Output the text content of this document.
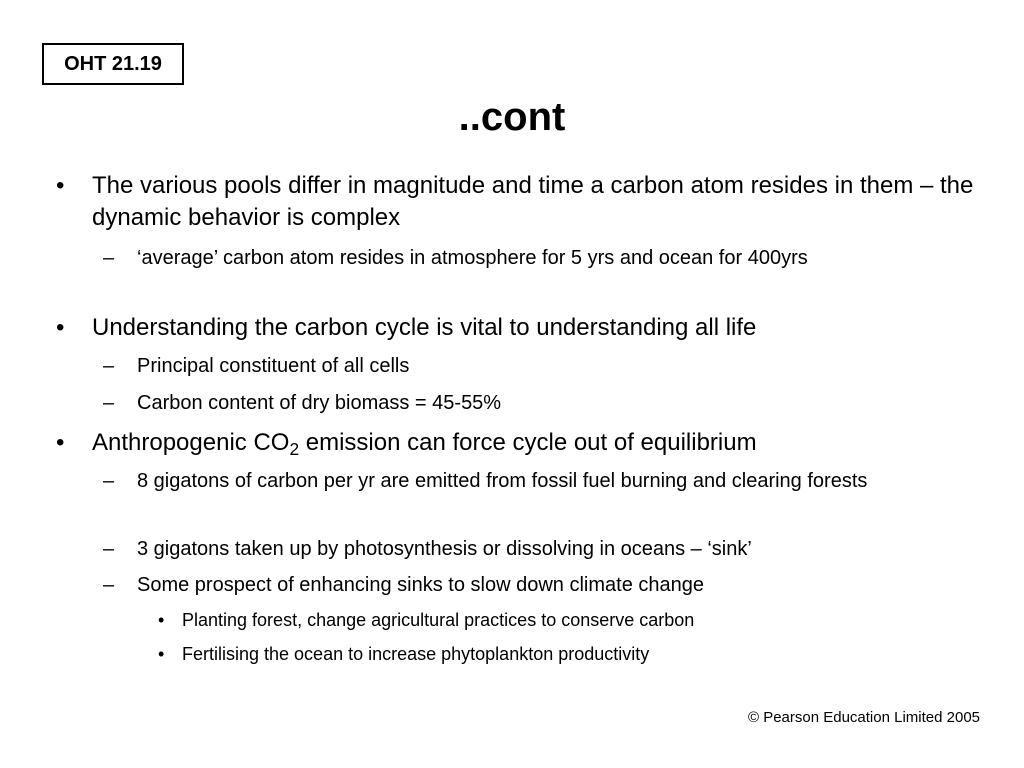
OHT 21.19
..cont
• The various pools differ in magnitude and time a carbon atom resides in them – the dynamic behavior is complex
– ‘average’ carbon atom resides in atmosphere for 5 yrs and ocean for 400yrs
• Understanding the carbon cycle is vital to understanding all life
– Principal constituent of all cells
– Carbon content of dry biomass = 45-55%
• Anthropogenic $CO_2$ emission can force cycle out of equilibrium
– 8 gigatons of carbon per yr are emitted from fossil fuel burning and clearing forests
– 3 gigatons taken up by photosynthesis or dissolving in oceans – ‘sink’
– Some prospect of enhancing sinks to slow down climate change
• Planting forest, change agricultural practices to conserve carbon
• Fertilising the ocean to increase phytoplankton productivity
© Pearson Education Limited 2005
